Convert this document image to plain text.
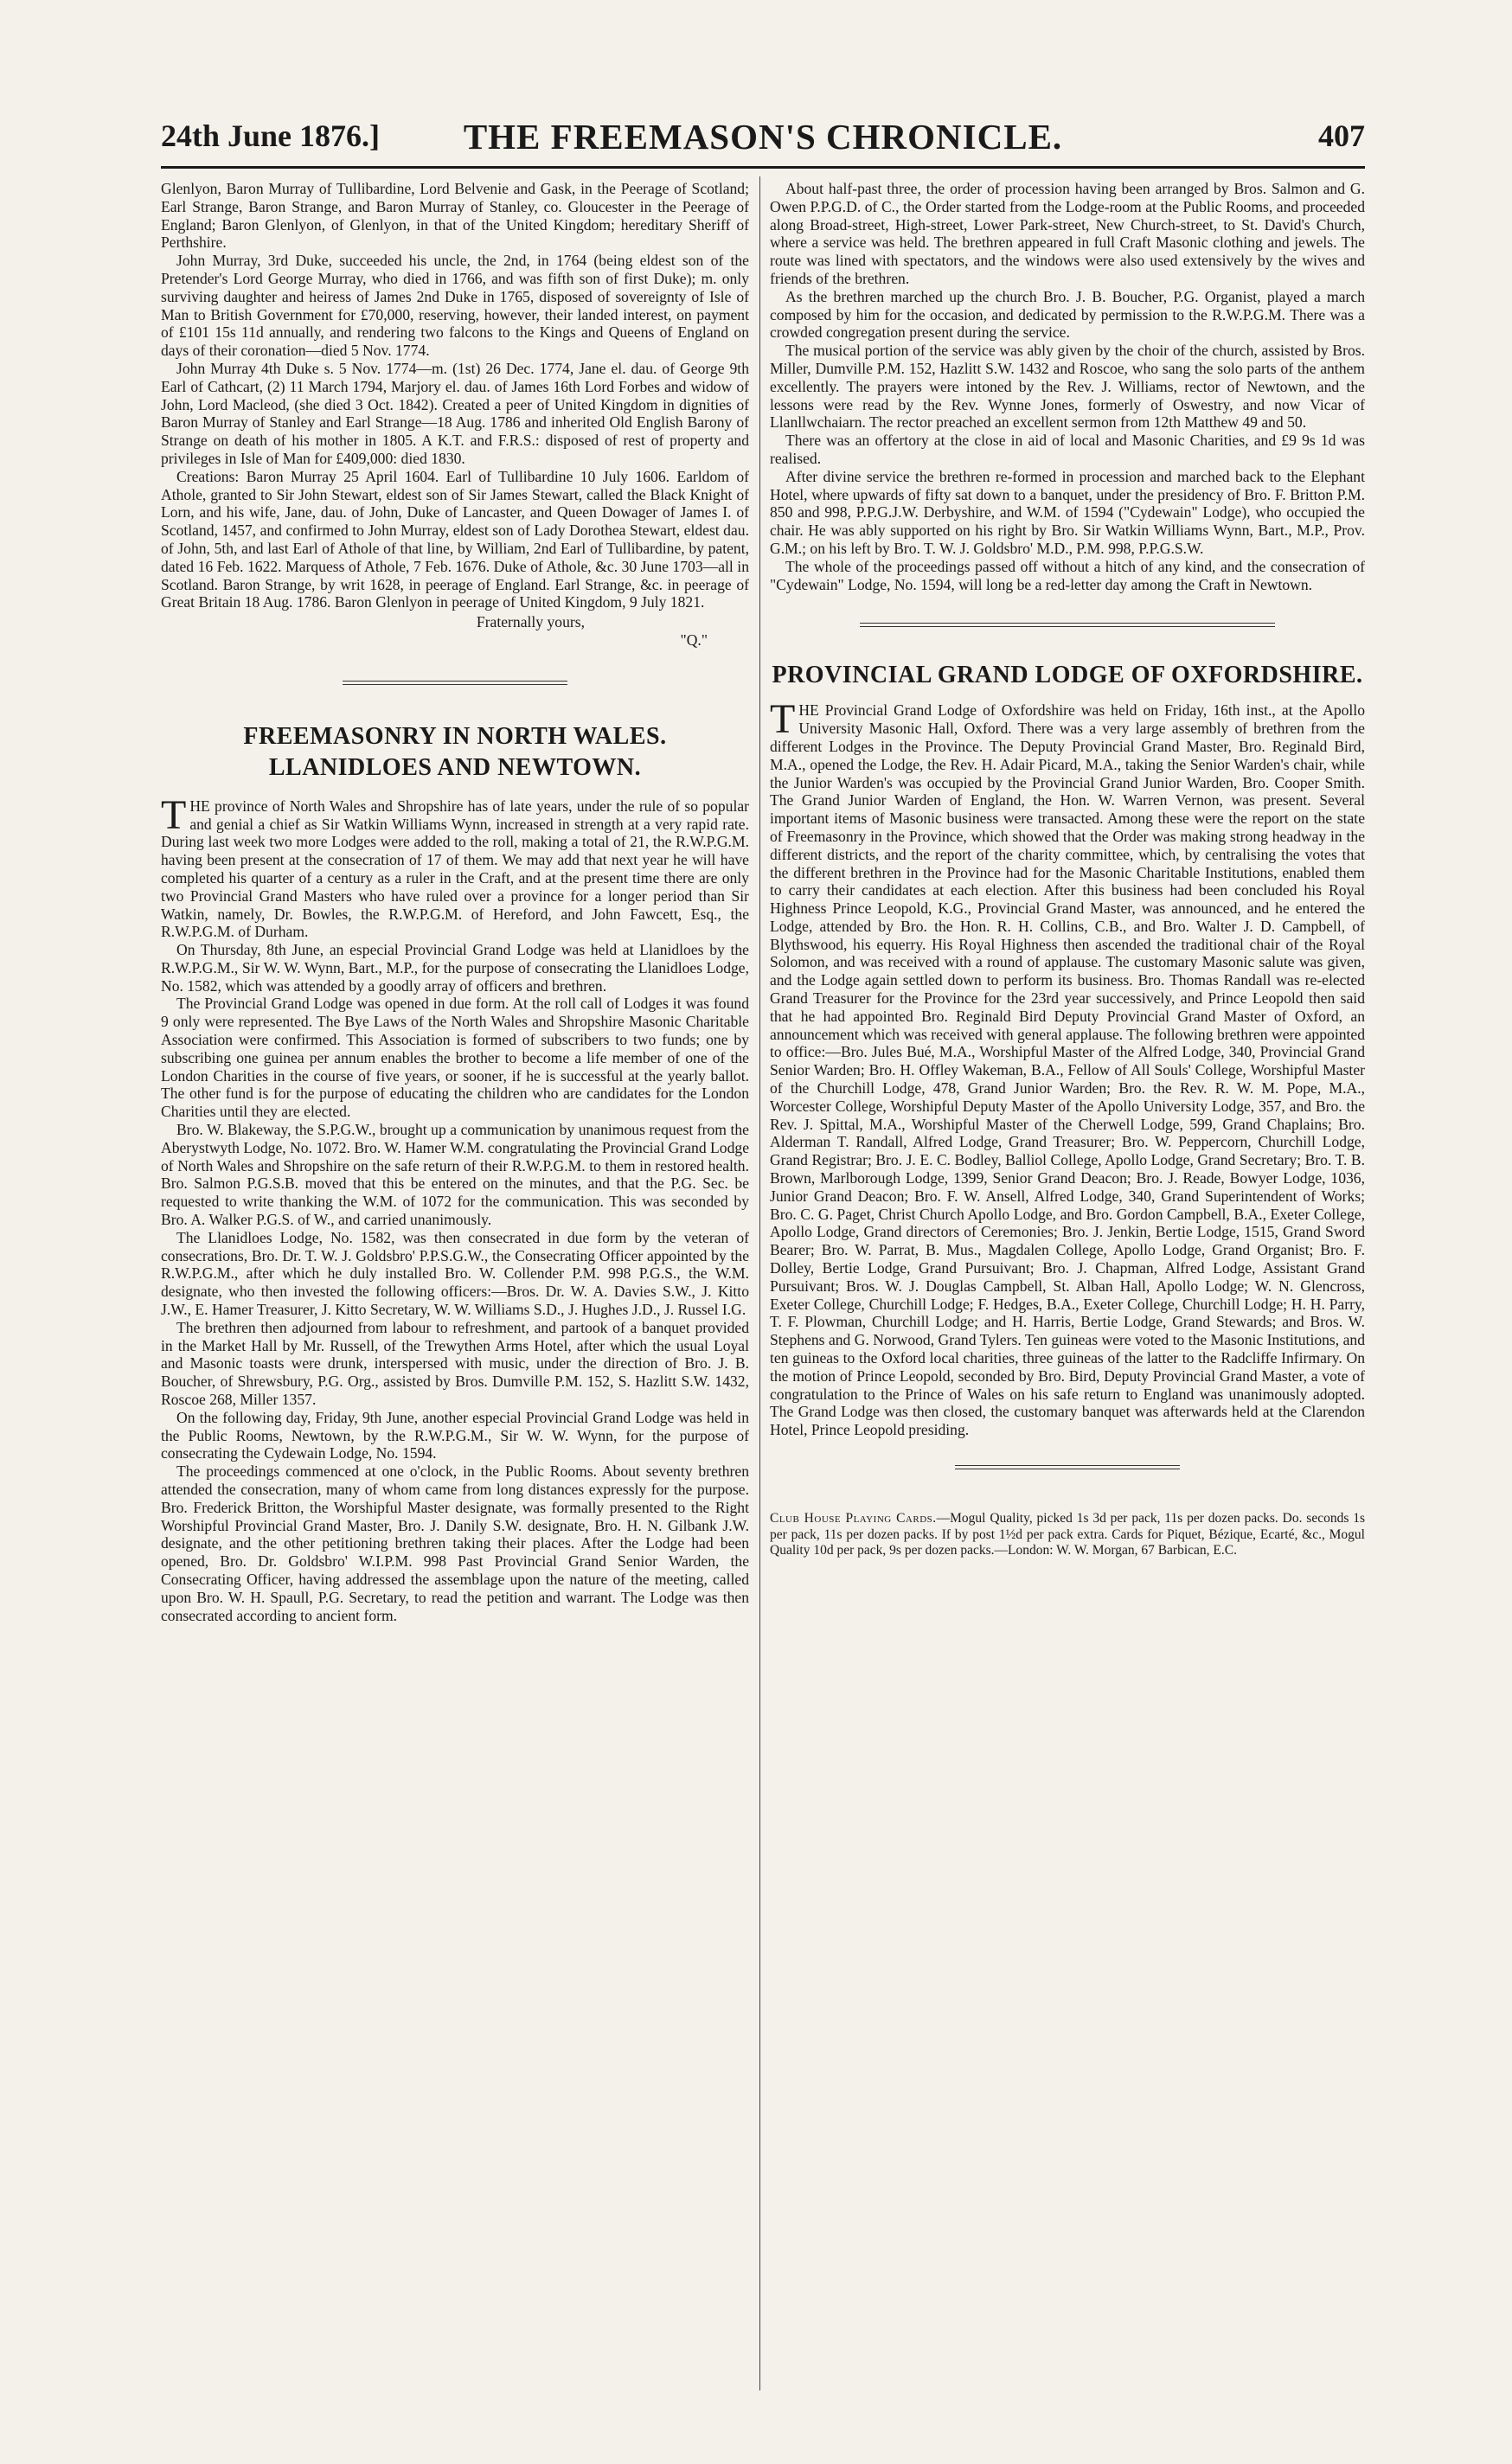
24th June 1876.]	THE FREEMASON'S CHRONICLE.	407

Glenlyon, Baron Murray of Tullibardine, Lord Belvenie and Gask, in the Peerage of Scotland; Earl Strange, Baron Strange, and Baron Murray of Stanley, co. Gloucester in the Peerage of England; Baron Glenlyon, of Glenlyon, in that of the United Kingdom; hereditary Sheriff of Perthshire.

John Murray, 3rd Duke, succeeded his uncle, the 2nd, in 1764 (being eldest son of the Pretender's Lord George Murray, who died in 1766, and was fifth son of first Duke); m. only surviving daughter and heiress of James 2nd Duke in 1765, disposed of sovereignty of Isle of Man to British Government for £70,000, reserving, however, their landed interest, on payment of £101 15s 11d annually, and rendering two falcons to the Kings and Queens of England on days of their coronation—died 5 Nov. 1774.

John Murray 4th Duke s. 5 Nov. 1774—m. (1st) 26 Dec. 1774, Jane el. dau. of George 9th Earl of Cathcart, (2) 11 March 1794, Marjory el. dau. of James 16th Lord Forbes and widow of John, Lord Macleod, (she died 3 Oct. 1842). Created a peer of United Kingdom in dignities of Baron Murray of Stanley and Earl Strange—18 Aug. 1786 and inherited Old English Barony of Strange on death of his mother in 1805. A K.T. and F.R.S.: disposed of rest of property and privileges in Isle of Man for £409,000: died 1830.

Creations: Baron Murray 25 April 1604. Earl of Tullibardine 10 July 1606. Earldom of Athole, granted to Sir John Stewart, eldest son of Sir James Stewart, called the Black Knight of Lorn, and his wife, Jane, dau. of John, Duke of Lancaster, and Queen Dowager of James I. of Scotland, 1457, and confirmed to John Murray, eldest son of Lady Dorothea Stewart, eldest dau. of John, 5th, and last Earl of Athole of that line, by William, 2nd Earl of Tullibardine, by patent, dated 16 Feb. 1622. Marquess of Athole, 7 Feb. 1676. Duke of Athole, &c. 30 June 1703—all in Scotland. Baron Strange, by writ 1628, in peerage of England. Earl Strange, &c. in peerage of Great Britain 18 Aug. 1786. Baron Glenlyon in peerage of United Kingdom, 9 July 1821.

Fraternally yours,
"Q."
FREEMASONRY IN NORTH WALES.
LLANIDLOES AND NEWTOWN.

THE province of North Wales and Shropshire has of late years, under the rule of so popular and genial a chief as Sir Watkin Williams Wynn, increased in strength at a very rapid rate. During last week two more Lodges were added to the roll, making a total of 21, the R.W.P.G.M. having been present at the consecration of 17 of them. We may add that next year he will have completed his quarter of a century as a ruler in the Craft, and at the present time there are only two Provincial Grand Masters who have ruled over a province for a longer period than Sir Watkin, namely, Dr. Bowles, the R.W.P.G.M. of Hereford, and John Fawcett, Esq., the R.W.P.G.M. of Durham.

On Thursday, 8th June, an especial Provincial Grand Lodge was held at Llanidloes by the R.W.P.G.M., Sir W. W. Wynn, Bart., M.P., for the purpose of consecrating the Llanidloes Lodge, No. 1582, which was attended by a goodly array of officers and brethren.

The Provincial Grand Lodge was opened in due form. At the roll call of Lodges it was found 9 only were represented. The Bye Laws of the North Wales and Shropshire Masonic Charitable Association were confirmed. This Association is formed of subscribers to two funds; one by subscribing one guinea per annum enables the brother to become a life member of one of the London Charities in the course of five years, or sooner, if he is successful at the yearly ballot. The other fund is for the purpose of educating the children who are candidates for the London Charities until they are elected.

Bro. W. Blakeway, the S.P.G.W., brought up a communication by unanimous request from the Aberystwyth Lodge, No. 1072. Bro. W. Hamer W.M. congratulating the Provincial Grand Lodge of North Wales and Shropshire on the safe return of their R.W.P.G.M. to them in restored health. Bro. Salmon P.G.S.B. moved that this be entered on the minutes, and that the P.G. Sec. be requested to write thanking the W.M. of 1072 for the communication. This was seconded by Bro. A. Walker P.G.S. of W., and carried unanimously.

The Llanidloes Lodge, No. 1582, was then consecrated in due form by the veteran of consecrations, Bro. Dr. T. W. J. Goldsbro' P.P.S.G.W., the Consecrating Officer appointed by the R.W.P.G.M., after which he duly installed Bro. W. Collender P.M. 998 P.G.S., the W.M. designate, who then invested the following officers:—Bros. Dr. W. A. Davies S.W., J. Kitto J.W., E. Hamer Treasurer, J. Kitto Secretary, W. W. Williams S.D., J. Hughes J.D., J. Russel I.G.

The brethren then adjourned from labour to refreshment, and partook of a banquet provided in the Market Hall by Mr. Russell, of the Trewythen Arms Hotel, after which the usual Loyal and Masonic toasts were drunk, interspersed with music, under the direction of Bro. J. B. Boucher, of Shrewsbury, P.G. Org., assisted by Bros. Dumville P.M. 152, S. Hazlitt S.W. 1432, Roscoe 268, Miller 1357.

On the following day, Friday, 9th June, another especial Provincial Grand Lodge was held in the Public Rooms, Newtown, by the R.W.P.G.M., Sir W. W. Wynn, for the purpose of consecrating the Cydewain Lodge, No. 1594.

The proceedings commenced at one o'clock, in the Public Rooms. About seventy brethren attended the consecration, many of whom came from long distances expressly for the purpose. Bro. Frederick Britton, the Worshipful Master designate, was formally presented to the Right Worshipful Provincial Grand Master, Bro. J. Danily S.W. designate, Bro. H. N. Gilbank J.W. designate, and the other petitioning brethren taking their places. After the Lodge had been opened, Bro. Dr. Goldsbro' W.I.P.M. 998 Past Provincial Grand Senior Warden, the Consecrating Officer, having addressed the assemblage upon the nature of the meeting, called upon Bro. W. H. Spaull, P.G. Secretary, to read the petition and warrant. The Lodge was then consecrated according to ancient form.

About half-past three, the order of procession having been arranged by Bros. Salmon and G. Owen P.P.G.D. of C., the Order started from the Lodge-room at the Public Rooms, and proceeded along Broad-street, High-street, Lower Park-street, New Church-street, to St. David's Church, where a service was held. The brethren appeared in full Craft Masonic clothing and jewels. The route was lined with spectators, and the windows were also used extensively by the wives and friends of the brethren.

As the brethren marched up the church Bro. J. B. Boucher, P.G. Organist, played a march composed by him for the occasion, and dedicated by permission to the R.W.P.G.M. There was a crowded congregation present during the service.

The musical portion of the service was ably given by the choir of the church, assisted by Bros. Miller, Dumville P.M. 152, Hazlitt S.W. 1432 and Roscoe, who sang the solo parts of the anthem excellently. The prayers were intoned by the Rev. J. Williams, rector of Newtown, and the lessons were read by the Rev. Wynne Jones, formerly of Oswestry, and now Vicar of Llanllwchaiarn. The rector preached an excellent sermon from 12th Matthew 49 and 50.

There was an offertory at the close in aid of local and Masonic Charities, and £9 9s 1d was realised.

After divine service the brethren re-formed in procession and marched back to the Elephant Hotel, where upwards of fifty sat down to a banquet, under the presidency of Bro. F. Britton P.M. 850 and 998, P.P.G.J.W. Derbyshire, and W.M. of 1594 ("Cydewain" Lodge), who occupied the chair. He was ably supported on his right by Bro. Sir Watkin Williams Wynn, Bart., M.P., Prov. G.M.; on his left by Bro. T. W. J. Goldsbro' M.D., P.M. 998, P.P.G.S.W.

The whole of the proceedings passed off without a hitch of any kind, and the consecration of "Cydewain" Lodge, No. 1594, will long be a red-letter day among the Craft in Newtown.

PROVINCIAL GRAND LODGE OF OXFORDSHIRE.

THE Provincial Grand Lodge of Oxfordshire was held on Friday, 16th inst., at the Apollo University Masonic Hall, Oxford. There was a very large assembly of brethren from the different Lodges in the Province. The Deputy Provincial Grand Master, Bro. Reginald Bird, M.A., opened the Lodge, the Rev. H. Adair Picard, M.A., taking the Senior Warden's chair, while the Junior Warden's was occupied by the Provincial Grand Junior Warden, Bro. Cooper Smith. The Grand Junior Warden of England, the Hon. W. Warren Vernon, was present. Several important items of Masonic business were transacted. Among these were the report on the state of Freemasonry in the Province, which showed that the Order was making strong headway in the different districts, and the report of the charity committee, which, by centralising the votes that the different brethren in the Province had for the Masonic Charitable Institutions, enabled them to carry their candidates at each election. After this business had been concluded his Royal Highness Prince Leopold, K.G., Provincial Grand Master, was announced, and he entered the Lodge, attended by Bro. the Hon. R. H. Collins, C.B., and Bro. Walter J. D. Campbell, of Blythswood, his equerry. His Royal Highness then ascended the traditional chair of the Royal Solomon, and was received with a round of applause. The customary Masonic salute was given, and the Lodge again settled down to perform its business. Bro. Thomas Randall was re-elected Grand Treasurer for the Province for the 23rd year successively, and Prince Leopold then said that he had appointed Bro. Reginald Bird Deputy Provincial Grand Master of Oxford, an announcement which was received with general applause. The following brethren were appointed to office:—Bro. Jules Bué, M.A., Worshipful Master of the Alfred Lodge, 340, Provincial Grand Senior Warden; Bro. H. Offley Wakeman, B.A., Fellow of All Souls' College, Worshipful Master of the Churchill Lodge, 478, Grand Junior Warden; Bro. the Rev. R. W. M. Pope, M.A., Worcester College, Worshipful Deputy Master of the Apollo University Lodge, 357, and Bro. the Rev. J. Spittal, M.A., Worshipful Master of the Cherwell Lodge, 599, Grand Chaplains; Bro. Alderman T. Randall, Alfred Lodge, Grand Treasurer; Bro. W. Peppercorn, Churchill Lodge, Grand Registrar; Bro. J. E. C. Bodley, Balliol College, Apollo Lodge, Grand Secretary; Bro. T. B. Brown, Marlborough Lodge, 1399, Senior Grand Deacon; Bro. J. Reade, Bowyer Lodge, 1036, Junior Grand Deacon; Bro. F. W. Ansell, Alfred Lodge, 340, Grand Superintendent of Works; Bro. C. G. Paget, Christ Church Apollo Lodge, and Bro. Gordon Campbell, B.A., Exeter College, Apollo Lodge, Grand directors of Ceremonies; Bro. J. Jenkin, Bertie Lodge, 1515, Grand Sword Bearer; Bro. W. Parrat, B. Mus., Magdalen College, Apollo Lodge, Grand Organist; Bro. F. Dolley, Bertie Lodge, Grand Pursuivant; Bro. J. Chapman, Alfred Lodge, Assistant Grand Pursuivant; Bros. W. J. Douglas Campbell, St. Alban Hall, Apollo Lodge; W. N. Glencross, Exeter College, Churchill Lodge; F. Hedges, B.A., Exeter College, Churchill Lodge; H. H. Parry, T. F. Plowman, Churchill Lodge; and H. Harris, Bertie Lodge, Grand Stewards; and Bros. W. Stephens and G. Norwood, Grand Tylers. Ten guineas were voted to the Masonic Institutions, and ten guineas to the Oxford local charities, three guineas of the latter to the Radcliffe Infirmary. On the motion of Prince Leopold, seconded by Bro. Bird, Deputy Provincial Grand Master, a vote of congratulation to the Prince of Wales on his safe return to England was unanimously adopted. The Grand Lodge was then closed, the customary banquet was afterwards held at the Clarendon Hotel, Prince Leopold presiding.

Club House Playing Cards.—Mogul Quality, picked 1s 3d per pack, 11s per dozen packs. Do. seconds 1s per pack, 11s per dozen packs. If by post 1½d per pack extra. Cards for Piquet, Bézique, Ecarté, &c., Mogul Quality 10d per pack, 9s per dozen packs.—London: W. W. Morgan, 67 Barbican, E.C.
